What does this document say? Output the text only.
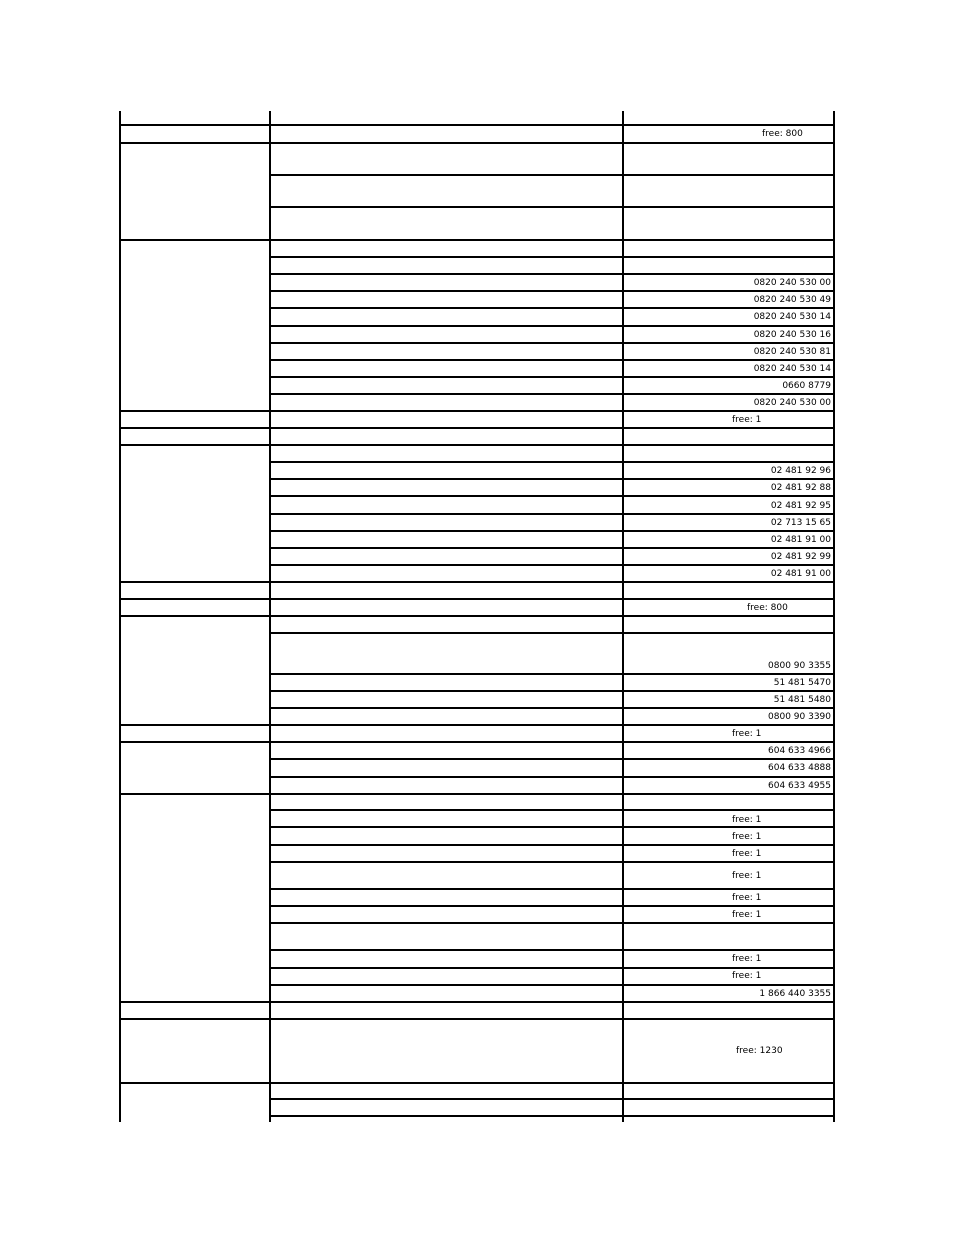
free: 800
0820 240 530 00
0820 240 530 49
0820 240 530 14
0820 240 530 16
0820 240 530 81
0820 240 530 14
0660 8779
0820 240 530 00
free: 1
02 481 92 96
02 481 92 88
02 481 92 95
02 713 15 65
02 481 91 00
02 481 92 99
02 481 91 00
free: 800
0800 90 3355
51 481 5470
51 481 5480
0800 90 3390
free: 1
604 633 4966
604 633 4888
604 633 4955
free: 1
free: 1
free: 1
free: 1
free: 1
free: 1
free: 1
free: 1
1 866 440 3355
free: 1230
